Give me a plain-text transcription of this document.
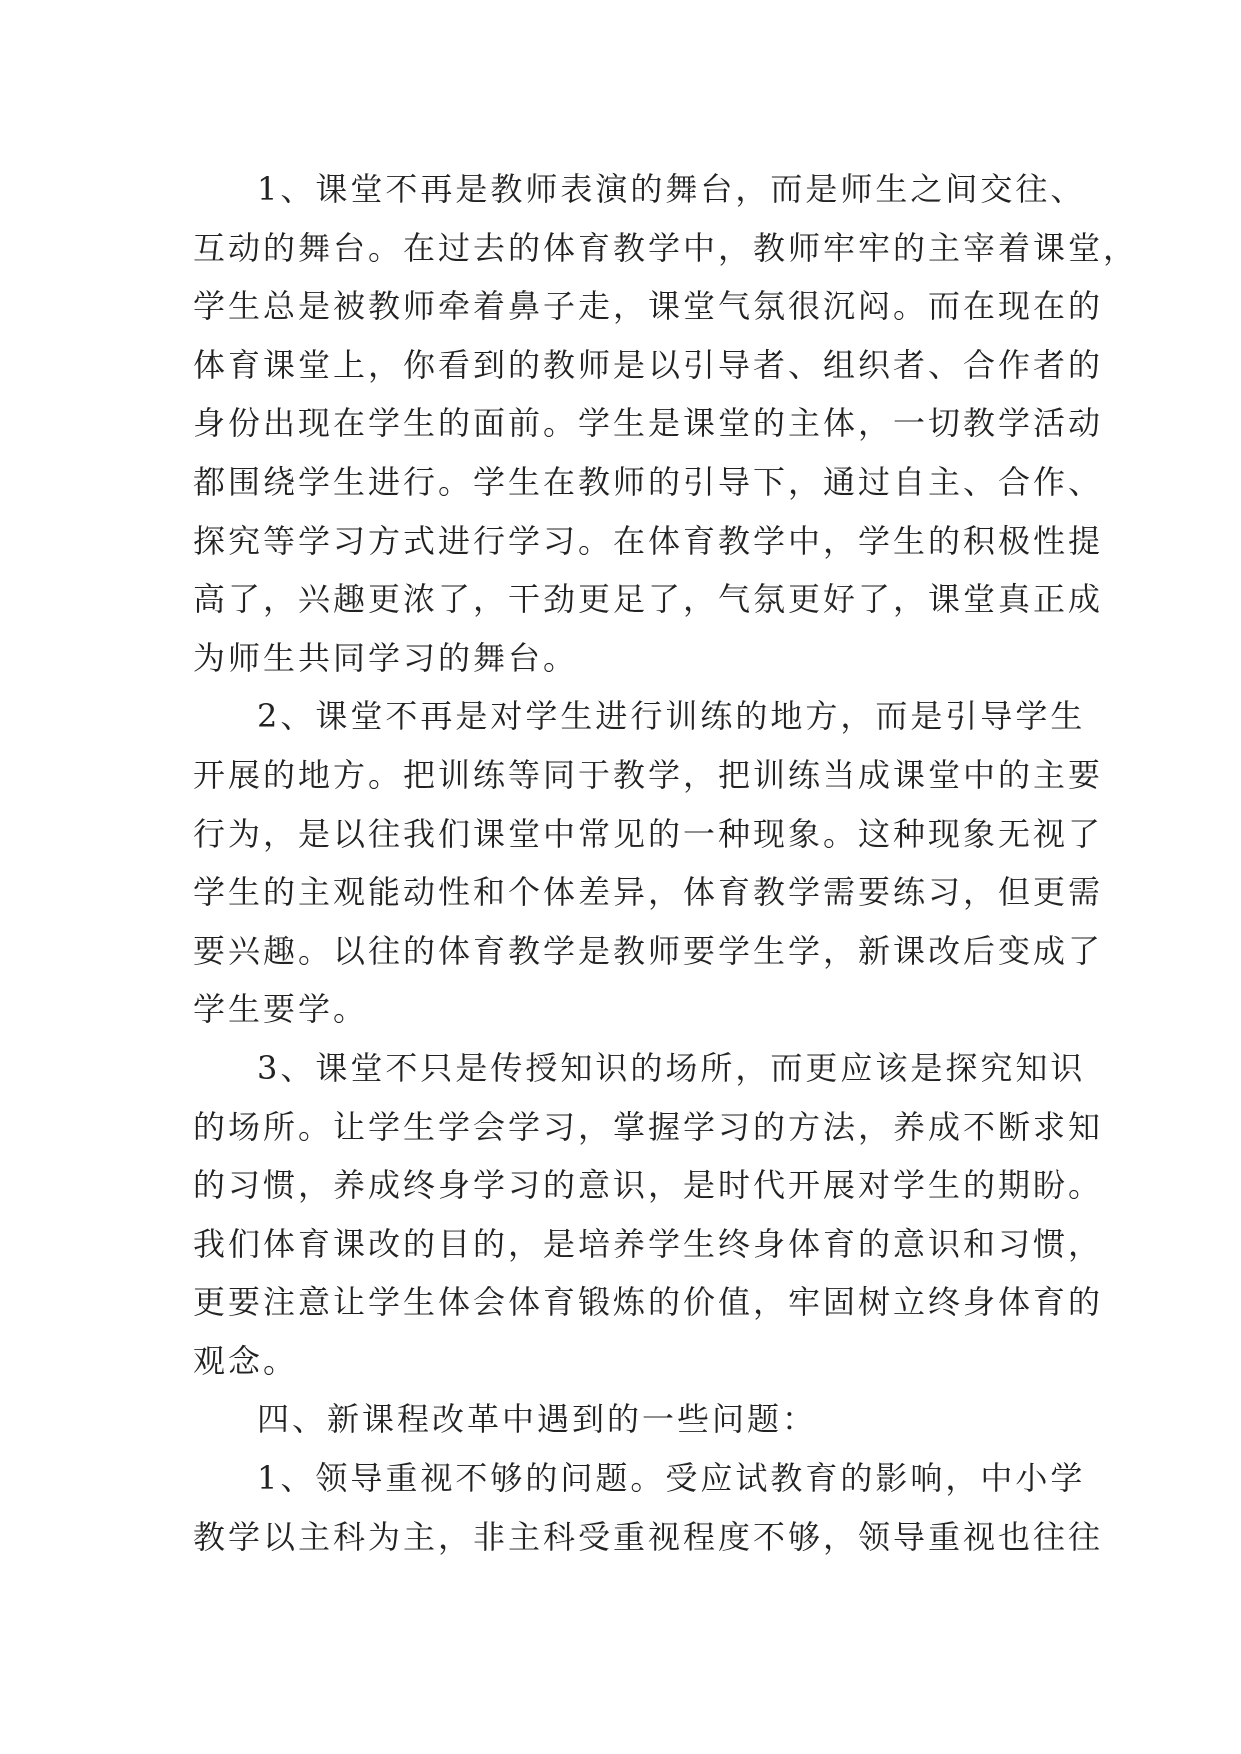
1、课堂不再是教师表演的舞台，而是师生之间交往、
互动的舞台。在过去的体育教学中，教师牢牢的主宰着课堂，
学生总是被教师牵着鼻子走，课堂气氛很沉闷。而在现在的
体育课堂上，你看到的教师是以引导者、组织者、合作者的
身份出现在学生的面前。学生是课堂的主体，一切教学活动
都围绕学生进行。学生在教师的引导下，通过自主、合作、
探究等学习方式进行学习。在体育教学中，学生的积极性提
高了，兴趣更浓了，干劲更足了，气氛更好了，课堂真正成
为师生共同学习的舞台。
2、课堂不再是对学生进行训练的地方，而是引导学生
开展的地方。把训练等同于教学，把训练当成课堂中的主要
行为，是以往我们课堂中常见的一种现象。这种现象无视了
学生的主观能动性和个体差异，体育教学需要练习，但更需
要兴趣。以往的体育教学是教师要学生学，新课改后变成了
学生要学。
3、课堂不只是传授知识的场所，而更应该是探究知识
的场所。让学生学会学习，掌握学习的方法，养成不断求知
的习惯，养成终身学习的意识，是时代开展对学生的期盼。
我们体育课改的目的，是培养学生终身体育的意识和习惯，
更要注意让学生体会体育锻炼的价值，牢固树立终身体育的
观念。
四、新课程改革中遇到的一些问题：
1、领导重视不够的问题。受应试教育的影响，中小学
教学以主科为主，非主科受重视程度不够，领导重视也往往
